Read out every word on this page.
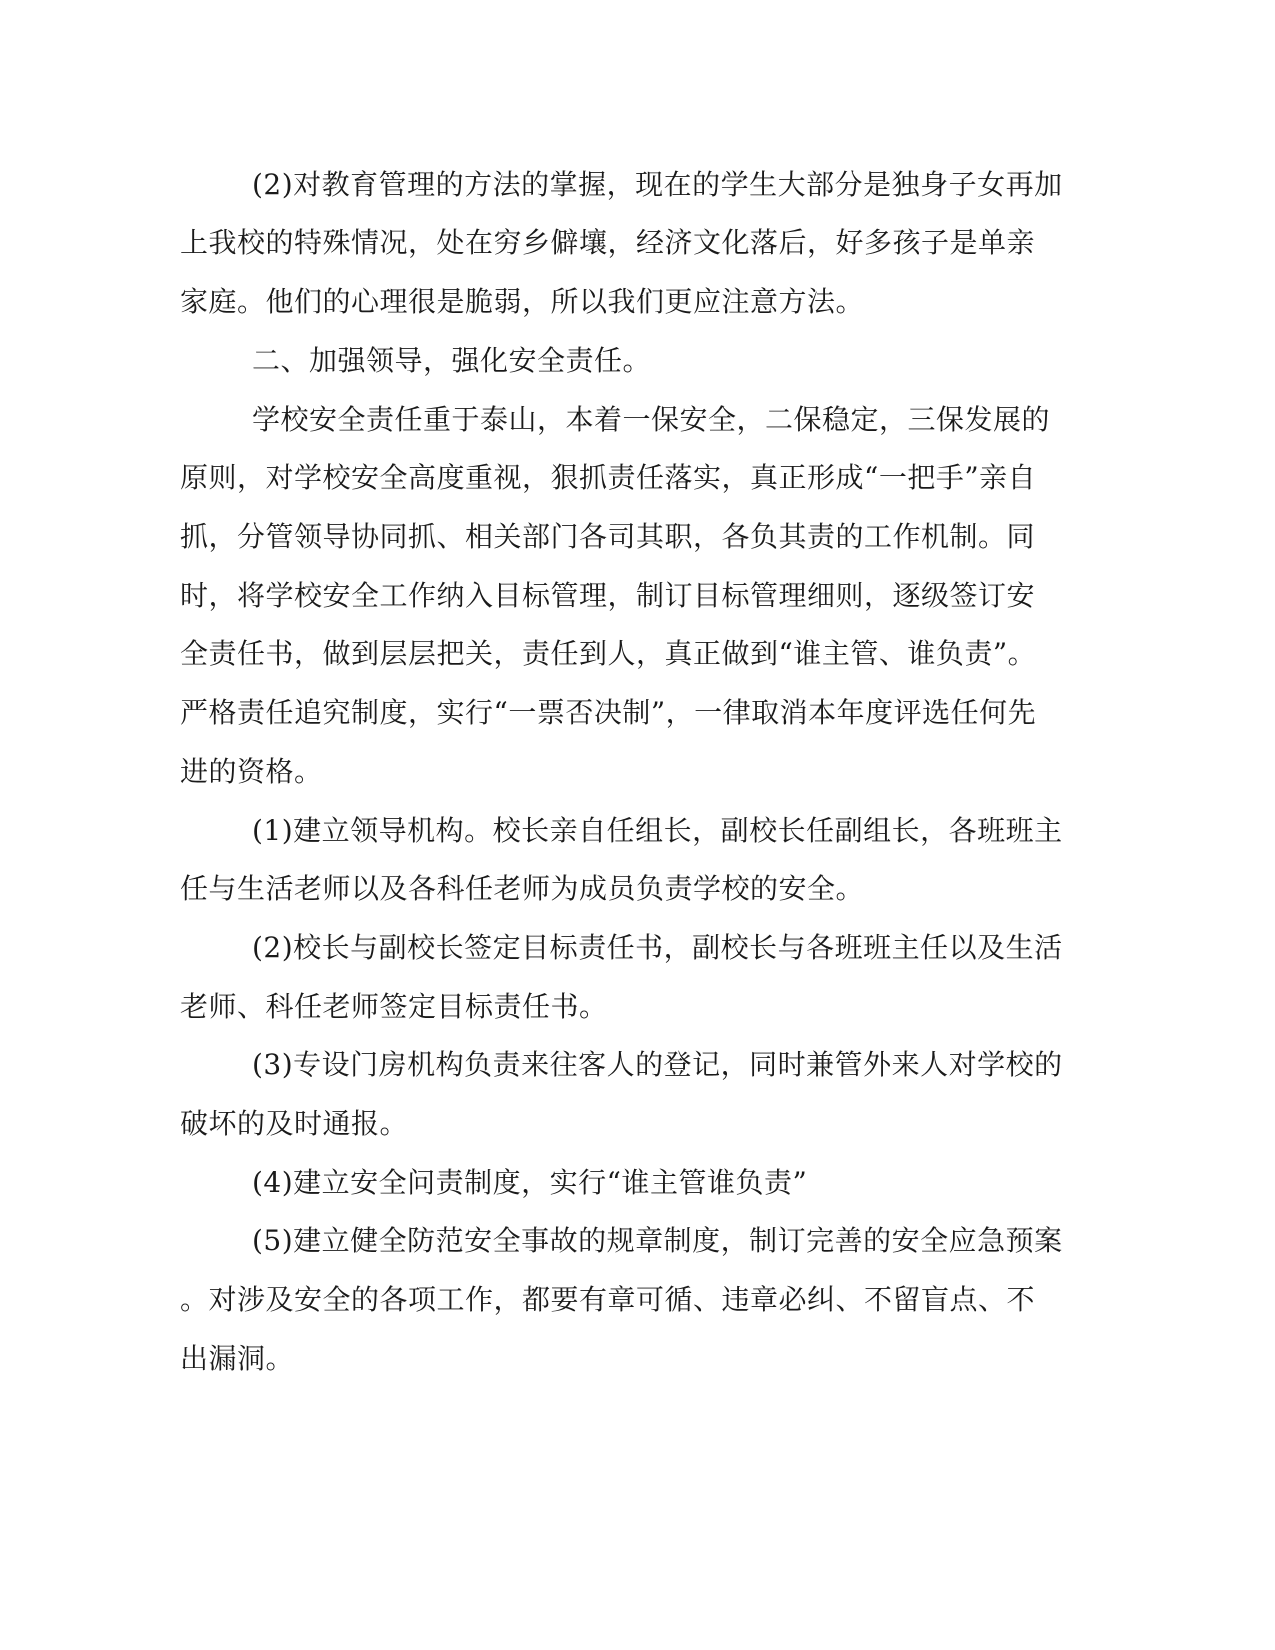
(2)对教育管理的方法的掌握，现在的学生大部分是独身子女再加
上我校的特殊情况，处在穷乡僻壤，经济文化落后，好多孩子是单亲
家庭。他们的心理很是脆弱，所以我们更应注意方法。
二、加强领导，强化安全责任。
学校安全责任重于泰山，本着一保安全，二保稳定，三保发展的
原则，对学校安全高度重视，狠抓责任落实，真正形成“一把手”亲自
抓，分管领导协同抓、相关部门各司其职，各负其责的工作机制。同
时，将学校安全工作纳入目标管理，制订目标管理细则，逐级签订安
全责任书，做到层层把关，责任到人，真正做到“谁主管、谁负责”。
严格责任追究制度，实行“一票否决制”，一律取消本年度评选任何先
进的资格。
(1)建立领导机构。校长亲自任组长，副校长任副组长，各班班主
任与生活老师以及各科任老师为成员负责学校的安全。
(2)校长与副校长签定目标责任书，副校长与各班班主任以及生活
老师、科任老师签定目标责任书。
(3)专设门房机构负责来往客人的登记，同时兼管外来人对学校的
破坏的及时通报。
(4)建立安全问责制度，实行“谁主管谁负责”
(5)建立健全防范安全事故的规章制度，制订完善的安全应急预案
。对涉及安全的各项工作，都要有章可循、违章必纠、不留盲点、不
出漏洞。
